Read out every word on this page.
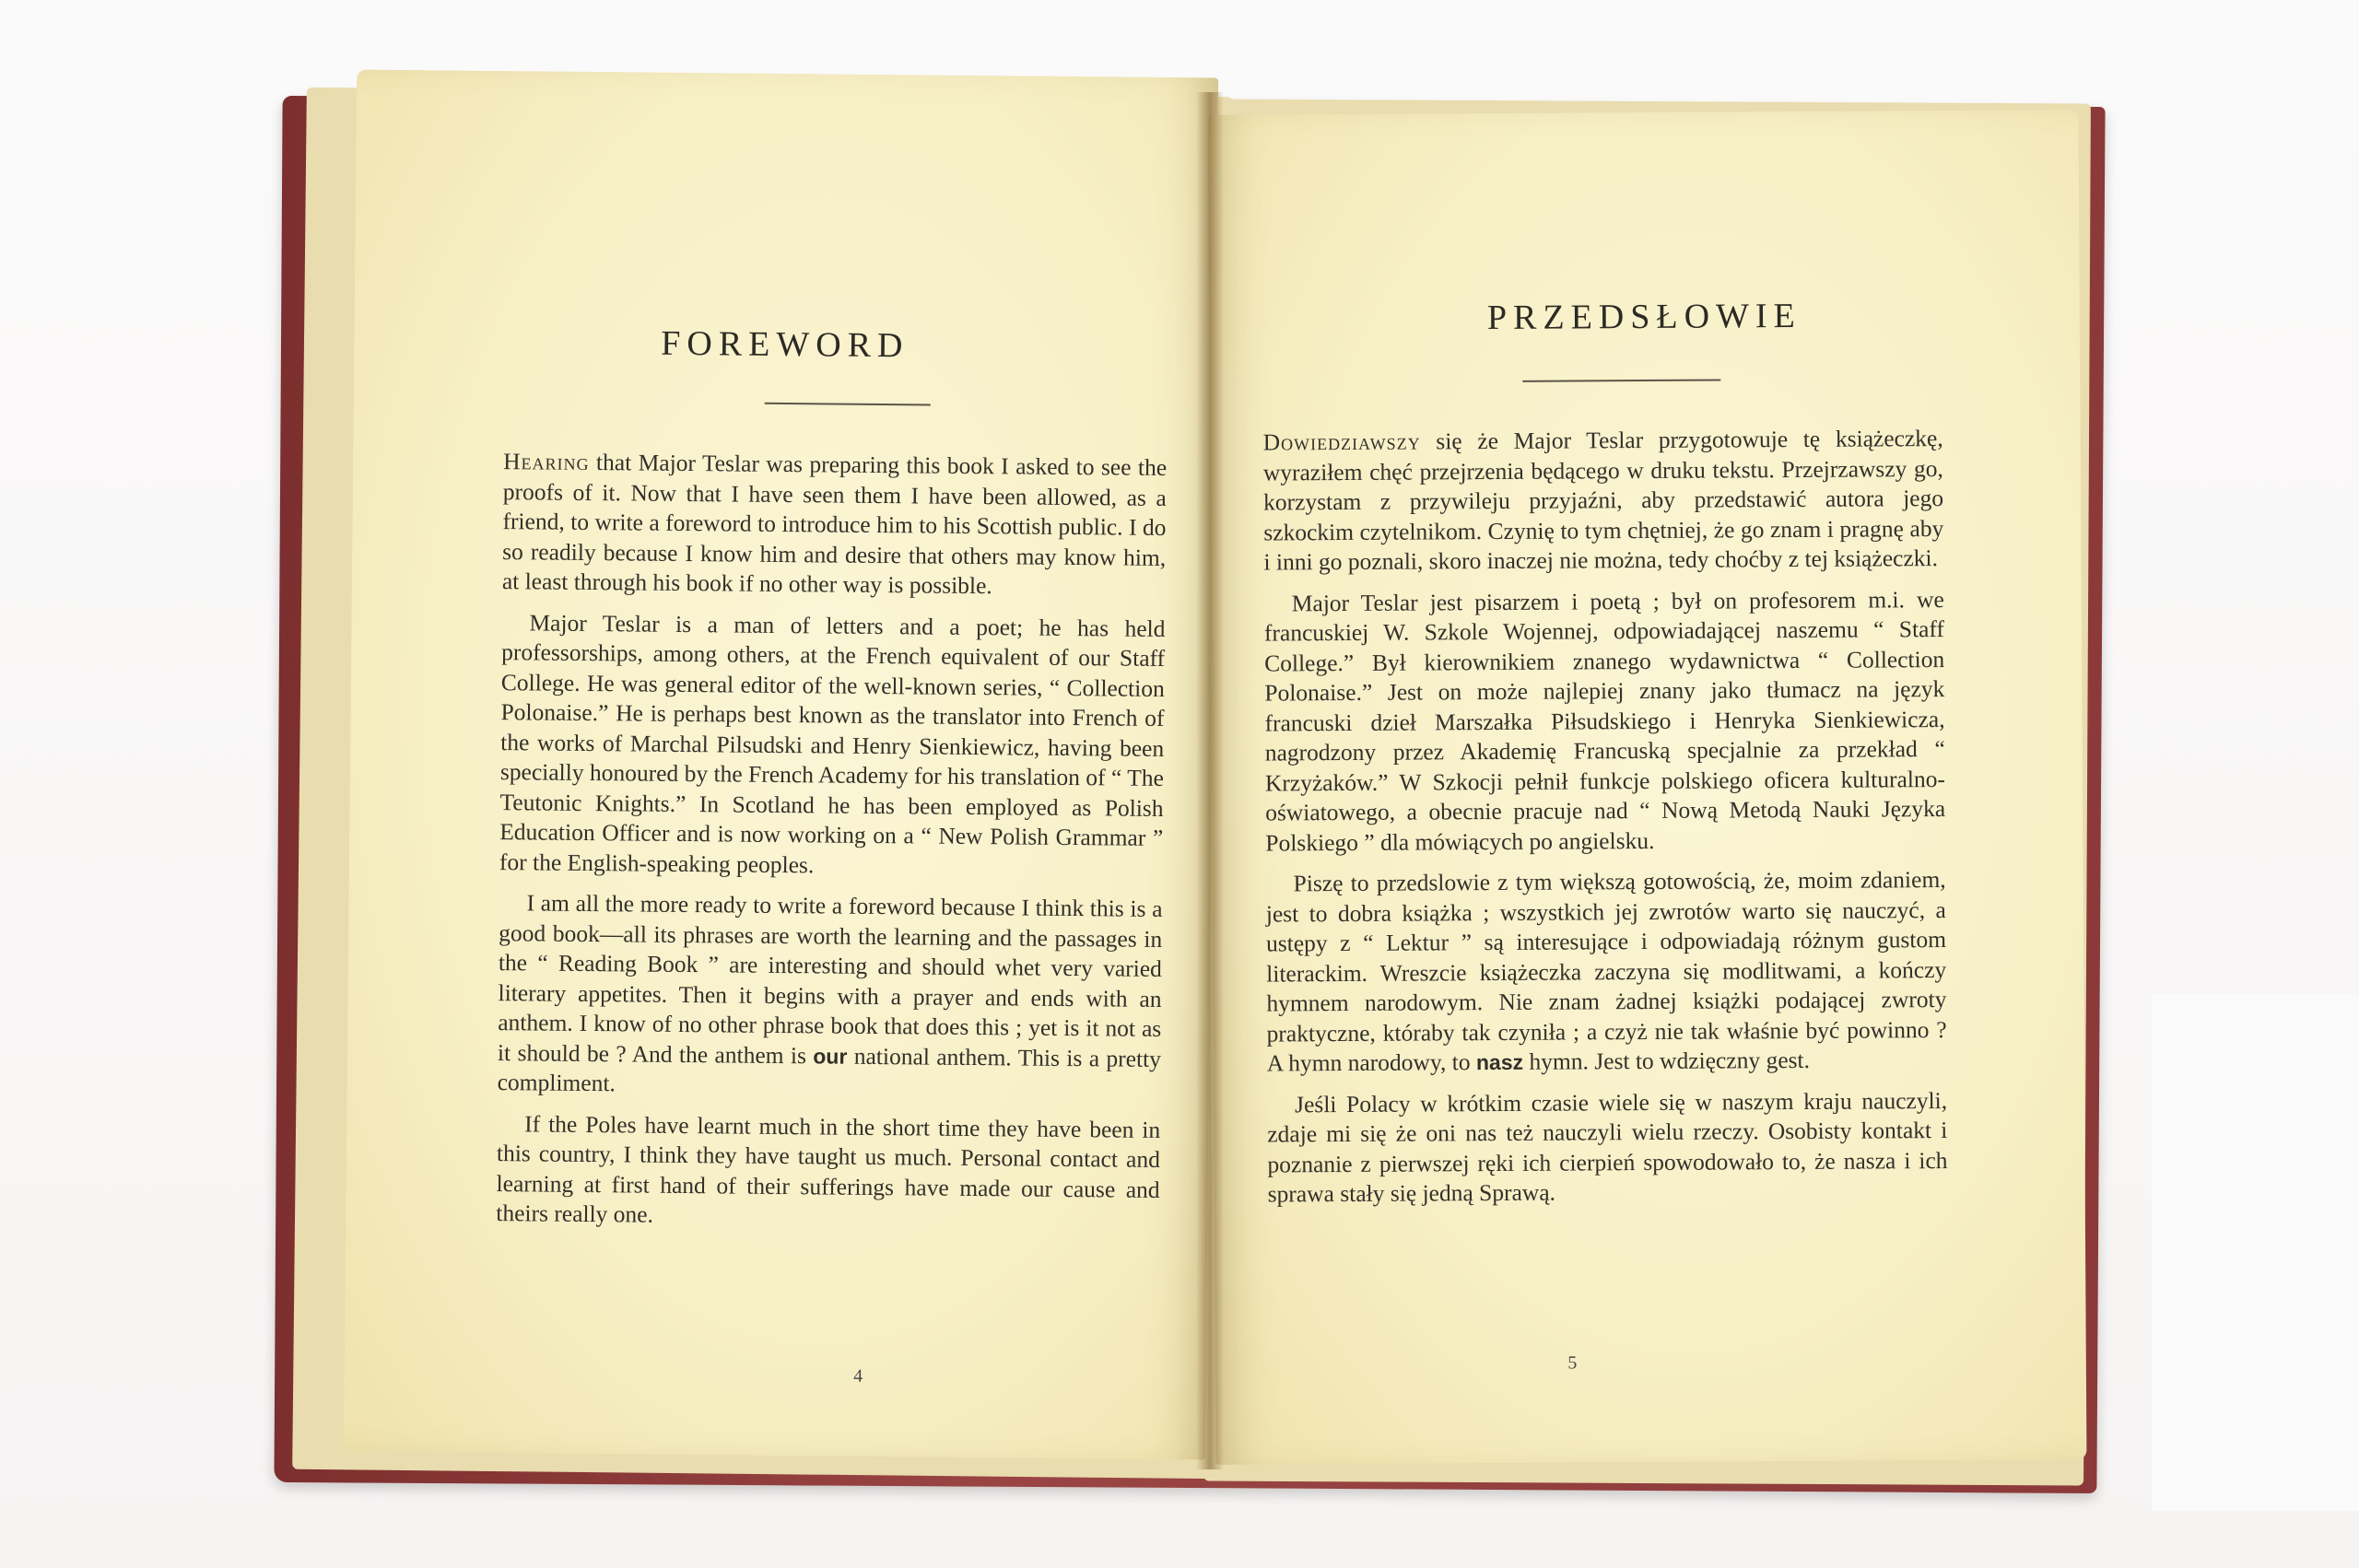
FOREWORD

Hearing that Major Teslar was preparing this book I asked to see the proofs of it. Now that I have seen them I have been allowed, as a friend, to write a foreword to introduce him to his Scottish public. I do so readily because I know him and desire that others may know him, at least through his book if no other way is possible.

Major Teslar is a man of letters and a poet; he has held professorships, among others, at the French equivalent of our Staff College. He was general editor of the well-known series, “ Collection Polonaise.” He is perhaps best known as the translator into French of the works of Marchal Pilsudski and Henry Sienkiewicz, having been specially honoured by the French Academy for his translation of “ The Teutonic Knights.” In Scotland he has been employed as Polish Education Officer and is now working on a “ New Polish Grammar ” for the English-speaking peoples.

I am all the more ready to write a foreword because I think this is a good book—all its phrases are worth the learning and the passages in the “ Reading Book ” are interesting and should whet very varied literary appetites. Then it begins with a prayer and ends with an anthem. I know of no other phrase book that does this ; yet is it not as it should be ? And the anthem is our national anthem. This is a pretty compliment.

If the Poles have learnt much in the short time they have been in this country, I think they have taught us much. Personal contact and learning at first hand of their sufferings have made our cause and theirs really one.

4
PRZEDSŁOWIE

Dowiedziawszy się że Major Teslar przygotowuje tę książeczkę, wyraziłem chęć przejrzenia będącego w druku tekstu. Przejrzawszy go, korzystam z przywileju przyjaźni, aby przedstawić autora jego szkockim czytelnikom. Czynię to tym chętniej, że go znam i pragnę aby i inni go poznali, skoro inaczej nie można, tedy choćby z tej książeczki.

Major Teslar jest pisarzem i poetą ; był on profesorem m.i. we francuskiej W. Szkole Wojennej, odpowiadającej naszemu “ Staff College.” Był kierownikiem znanego wydawnictwa “ Collection Polonaise.” Jest on może najlepiej znany jako tłumacz na język francuski dzieł Marszałka Piłsudskiego i Henryka Sienkiewicza, nagrodzony przez Akademię Francuską specjalnie za przekład “ Krzyżaków.” W Szkocji pełnił funkcje polskiego oficera kulturalno-oświatowego, a obecnie pracuje nad “ Nową Metodą Nauki Języka Polskiego ” dla mówiących po angielsku.

Piszę to przedslowie z tym większą gotowością, że, moim zdaniem, jest to dobra książka ; wszystkich jej zwrotów warto się nauczyć, a ustępy z “ Lektur ” są interesujące i odpowiadają różnym gustom literackim. Wreszcie książeczka zaczyna się modlitwami, a kończy hymnem narodowym. Nie znam żadnej książki podającej zwroty praktyczne, któraby tak czyniła ; a czyż nie tak właśnie być powinno ? A hymn narodowy, to nasz hymn. Jest to wdzięczny gest.

Jeśli Polacy w krótkim czasie wiele się w naszym kraju nauczyli, zdaje mi się że oni nas też nauczyli wielu rzeczy. Osobisty kontakt i poznanie z pierwszej ręki ich cierpień spowodowało to, że nasza i ich sprawa stały się jedną Sprawą.

5
